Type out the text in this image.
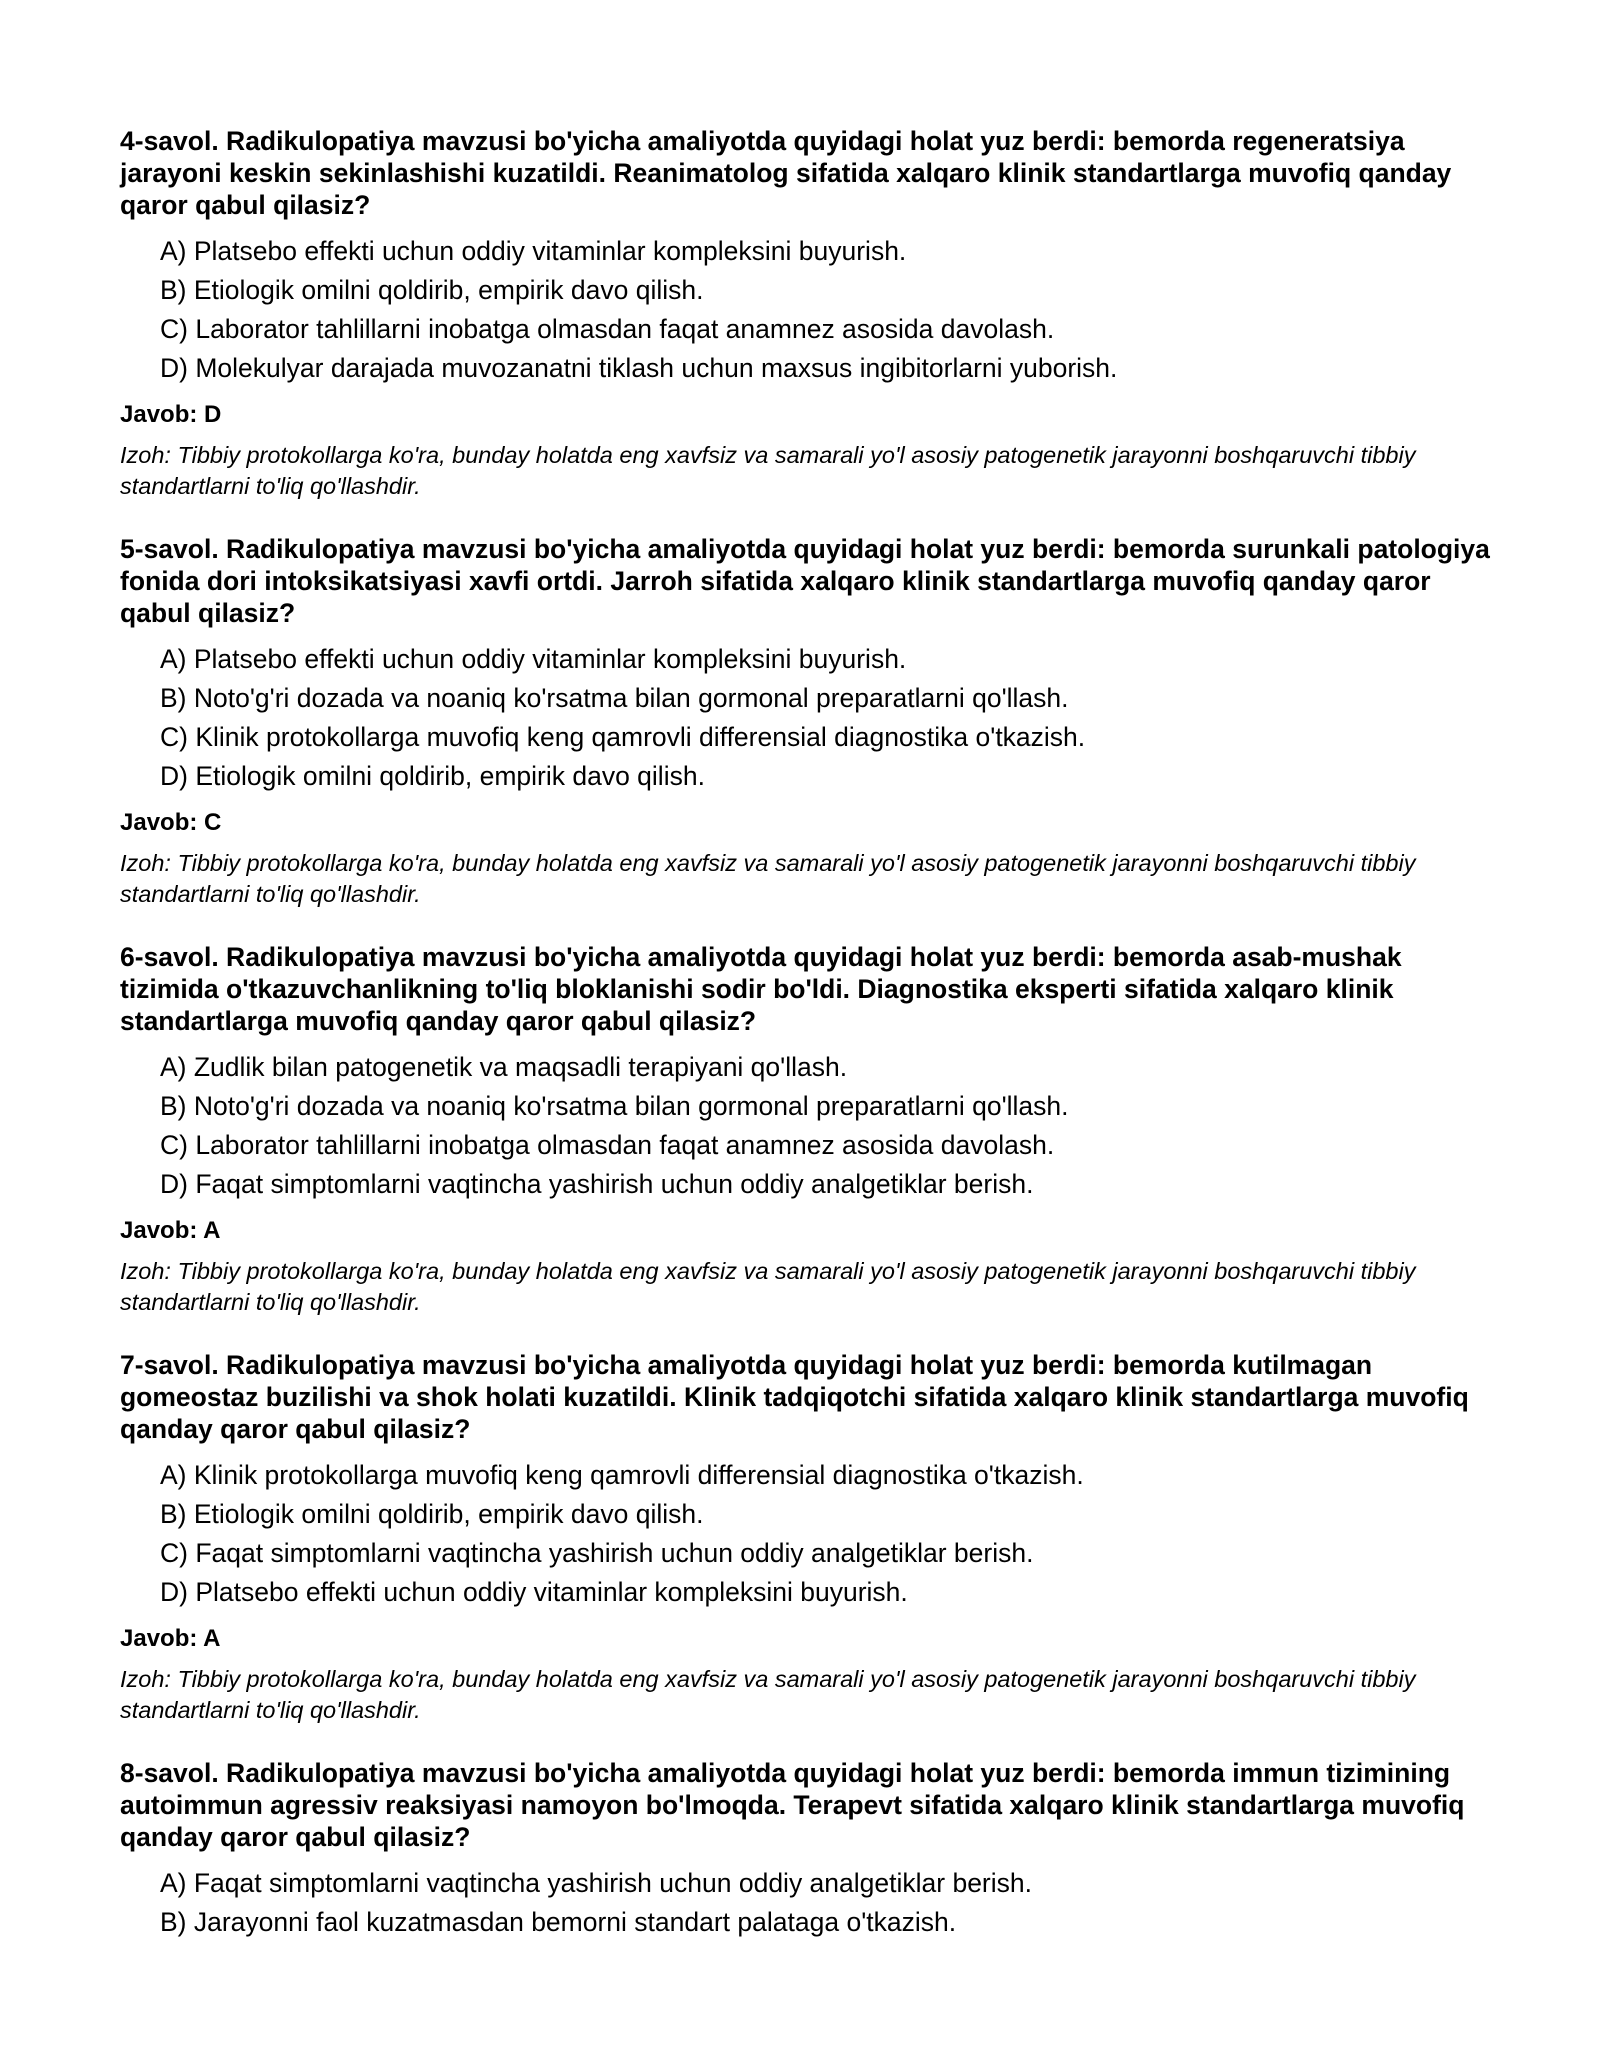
4-savol. Radikulopatiya mavzusi bo'yicha amaliyotda quyidagi holat yuz berdi: bemorda regeneratsiya jarayoni keskin sekinlashishi kuzatildi. Reanimatolog sifatida xalqaro klinik standartlarga muvofiq qanday qaror qabul qilasiz?

A) Platsebo effekti uchun oddiy vitaminlar kompleksini buyurish.
B) Etiologik omilni qoldirib, empirik davo qilish.
C) Laborator tahlillarni inobatga olmasdan faqat anamnez asosida davolash.
D) Molekulyar darajada muvozanatni tiklash uchun maxsus ingibitorlarni yuborish.
Javob: D
Izoh: Tibbiy protokollarga ko'ra, bunday holatda eng xavfsiz va samarali yo'l asosiy patogenetik jarayonni boshqaruvchi tibbiy standartlarni to'liq qo'llashdir.

5-savol. Radikulopatiya mavzusi bo'yicha amaliyotda quyidagi holat yuz berdi: bemorda surunkali patologiya fonida dori intoksikatsiyasi xavfi ortdi. Jarroh sifatida xalqaro klinik standartlarga muvofiq qanday qaror qabul qilasiz?

A) Platsebo effekti uchun oddiy vitaminlar kompleksini buyurish.
B) Noto'g'ri dozada va noaniq ko'rsatma bilan gormonal preparatlarni qo'llash.
C) Klinik protokollarga muvofiq keng qamrovli differensial diagnostika o'tkazish.
D) Etiologik omilni qoldirib, empirik davo qilish.
Javob: C
Izoh: Tibbiy protokollarga ko'ra, bunday holatda eng xavfsiz va samarali yo'l asosiy patogenetik jarayonni boshqaruvchi tibbiy standartlarni to'liq qo'llashdir.

6-savol. Radikulopatiya mavzusi bo'yicha amaliyotda quyidagi holat yuz berdi: bemorda asab-mushak tizimida o'tkazuvchanlikning to'liq bloklanishi sodir bo'ldi. Diagnostika eksperti sifatida xalqaro klinik standartlarga muvofiq qanday qaror qabul qilasiz?

A) Zudlik bilan patogenetik va maqsadli terapiyani qo'llash.
B) Noto'g'ri dozada va noaniq ko'rsatma bilan gormonal preparatlarni qo'llash.
C) Laborator tahlillarni inobatga olmasdan faqat anamnez asosida davolash.
D) Faqat simptomlarni vaqtincha yashirish uchun oddiy analgetiklar berish.
Javob: A
Izoh: Tibbiy protokollarga ko'ra, bunday holatda eng xavfsiz va samarali yo'l asosiy patogenetik jarayonni boshqaruvchi tibbiy standartlarni to'liq qo'llashdir.

7-savol. Radikulopatiya mavzusi bo'yicha amaliyotda quyidagi holat yuz berdi: bemorda kutilmagan gomeostaz buzilishi va shok holati kuzatildi. Klinik tadqiqotchi sifatida xalqaro klinik standartlarga muvofiq qanday qaror qabul qilasiz?

A) Klinik protokollarga muvofiq keng qamrovli differensial diagnostika o'tkazish.
B) Etiologik omilni qoldirib, empirik davo qilish.
C) Faqat simptomlarni vaqtincha yashirish uchun oddiy analgetiklar berish.
D) Platsebo effekti uchun oddiy vitaminlar kompleksini buyurish.
Javob: A
Izoh: Tibbiy protokollarga ko'ra, bunday holatda eng xavfsiz va samarali yo'l asosiy patogenetik jarayonni boshqaruvchi tibbiy standartlarni to'liq qo'llashdir.

8-savol. Radikulopatiya mavzusi bo'yicha amaliyotda quyidagi holat yuz berdi: bemorda immun tizimining autoimmun agressiv reaksiyasi namoyon bo'lmoqda. Terapevt sifatida xalqaro klinik standartlarga muvofiq qanday qaror qabul qilasiz?

A) Faqat simptomlarni vaqtincha yashirish uchun oddiy analgetiklar berish.
B) Jarayonni faol kuzatmasdan bemorni standart palataga o'tkazish.
